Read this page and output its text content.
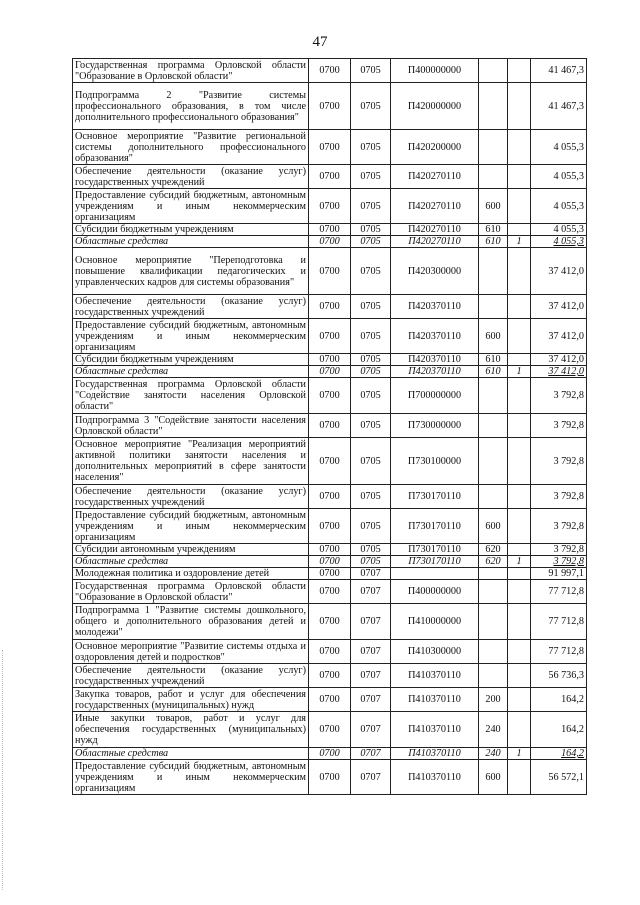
47
Государственная программа Орловской области "Образование в Орловской области"	0700	0705	П400000000			41 467,3
Подпрограмма 2 "Развитие системы профессионального образования, в том числе дополнительного профессионального образования"	0700	0705	П420000000			41 467,3
Основное мероприятие "Развитие региональной системы дополнительного профессионального образования"	0700	0705	П420200000			4 055,3
Обеспечение деятельности (оказание услуг) государственных учреждений	0700	0705	П420270110			4 055,3
Предоставление субсидий бюджетным, автономным учреждениям и иным некоммерческим организациям	0700	0705	П420270110	600		4 055,3
Субсидии бюджетным учреждениям	0700	0705	П420270110	610		4 055,3
Областные средства	0700	0705	П420270110	610	1	4 055,3
Основное мероприятие "Переподготовка и повышение квалификации педагогических и управленческих кадров для системы образования"	0700	0705	П420300000			37 412,0
Обеспечение деятельности (оказание услуг) государственных учреждений	0700	0705	П420370110			37 412,0
Предоставление субсидий бюджетным, автономным учреждениям и иным некоммерческим организациям	0700	0705	П420370110	600		37 412,0
Субсидии бюджетным учреждениям	0700	0705	П420370110	610		37 412,0
Областные средства	0700	0705	П420370110	610	1	37 412,0
Государственная программа Орловской области "Содействие занятости населения Орловской области"	0700	0705	П700000000			3 792,8
Подпрограмма 3 "Содействие занятости населения Орловской области"	0700	0705	П730000000			3 792,8
Основное мероприятие "Реализация мероприятий активной политики занятости населения и дополнительных мероприятий в сфере занятости населения"	0700	0705	П730100000			3 792,8
Обеспечение деятельности (оказание услуг) государственных учреждений	0700	0705	П730170110			3 792,8
Предоставление субсидий бюджетным, автономным учреждениям и иным некоммерческим организациям	0700	0705	П730170110	600		3 792,8
Субсидии автономным учреждениям	0700	0705	П730170110	620		3 792,8
Областные средства	0700	0705	П730170110	620	1	3 792,8
Молодежная политика и оздоровление детей	0700	0707				91 997,1
Государственная программа Орловской области "Образование в Орловской области"	0700	0707	П400000000			77 712,8
Подпрограмма 1 "Развитие системы дошкольного, общего и дополнительного образования детей и молодежи"	0700	0707	П410000000			77 712,8
Основное мероприятие "Развитие системы отдыха и оздоровления детей и подростков"	0700	0707	П410300000			77 712,8
Обеспечение деятельности (оказание услуг) государственных учреждений	0700	0707	П410370110			56 736,3
Закупка товаров, работ и услуг для обеспечения государственных (муниципальных) нужд	0700	0707	П410370110	200		164,2
Иные закупки товаров, работ и услуг для обеспечения государственных (муниципальных) нужд	0700	0707	П410370110	240		164,2
Областные средства	0700	0707	П410370110	240	1	164,2
Предоставление субсидий бюджетным, автономным учреждениям и иным некоммерческим организациям	0700	0707	П410370110	600		56 572,1
